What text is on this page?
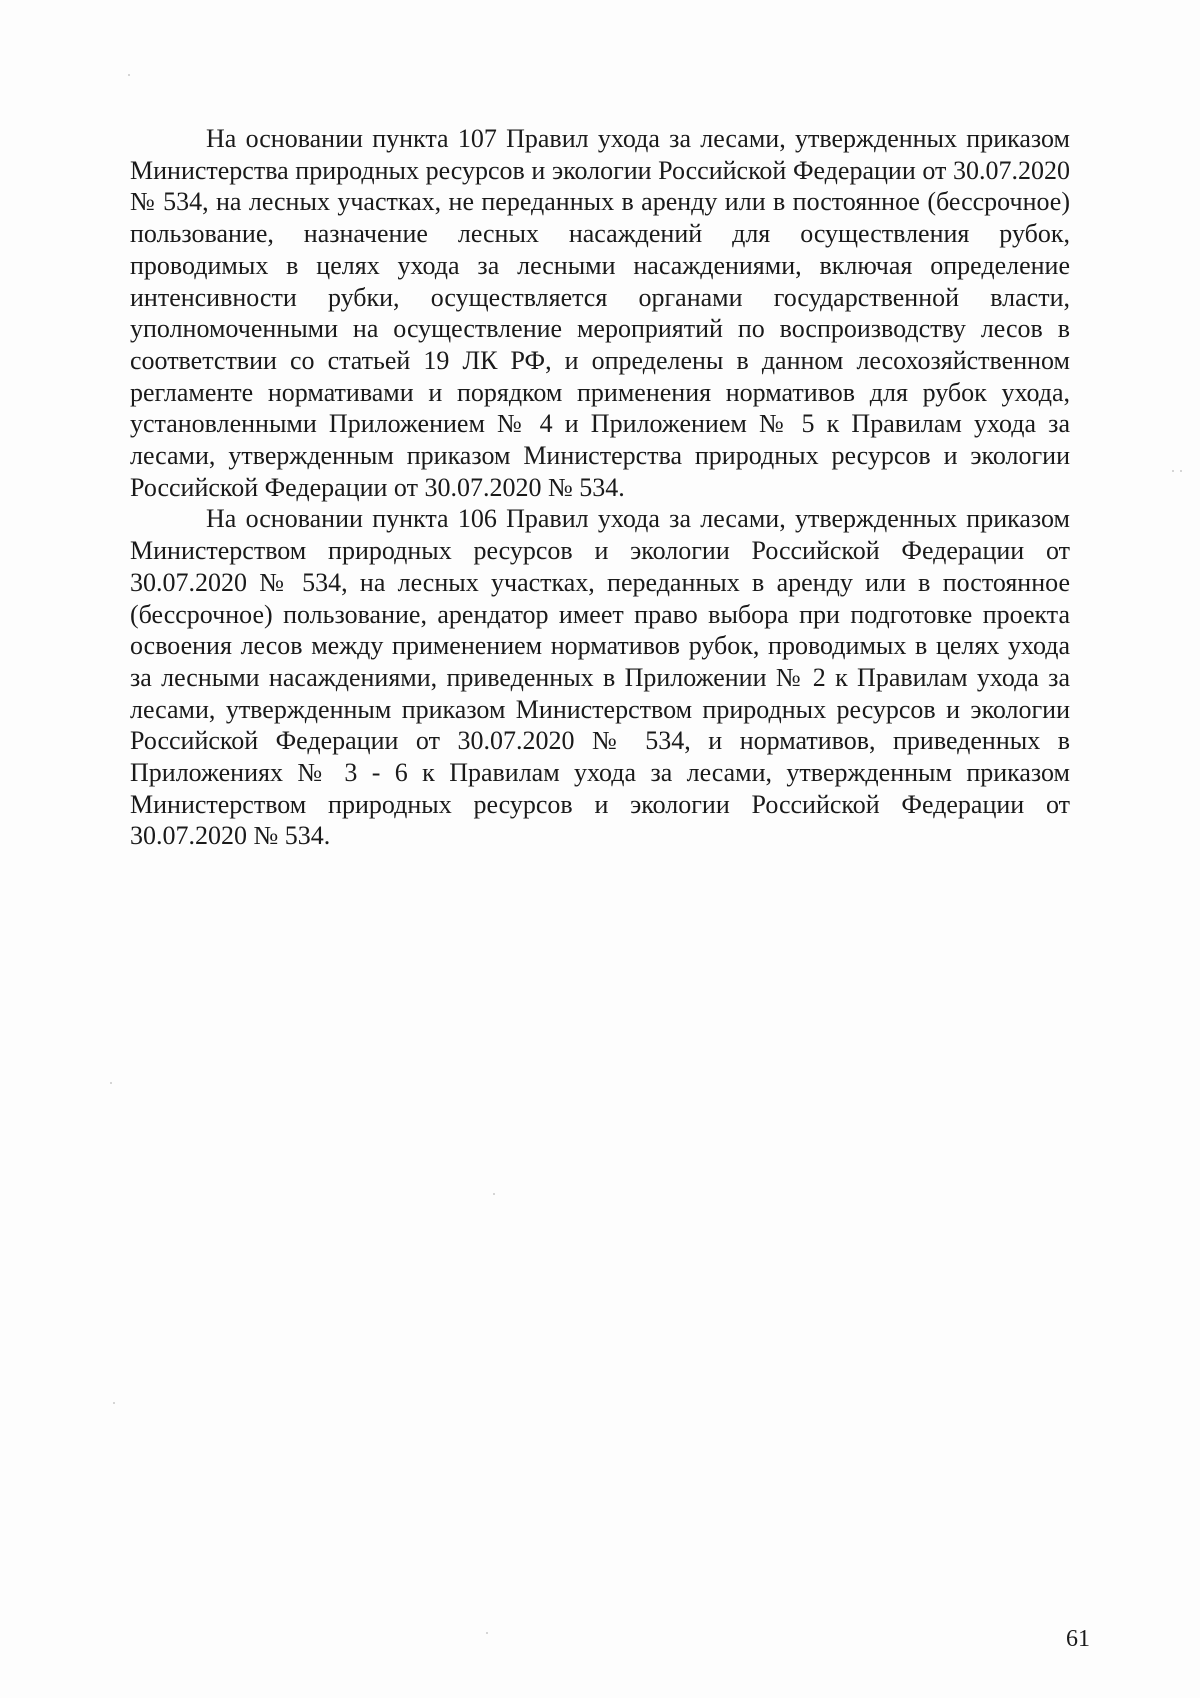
На основании пункта 107 Правил ухода за лесами, утвержденных приказом Министерства природных ресурсов и экологии Российской Федерации от 30.07.2020 № 534, на лесных участках, не переданных в аренду или в постоянное (бессрочное) пользование, назначение лесных насаждений для осуществления рубок, проводимых в целях ухода за лесными насаждениями, включая определение интенсивности рубки, осуществляется органами государственной власти, уполномоченными на осуществление мероприятий по воспроизводству лесов в соответствии со статьей 19 ЛК РФ, и определены в данном лесохозяйственном регламенте нормативами и порядком применения нормативов для рубок ухода, установленными Приложением № 4 и Приложением № 5 к Правилам ухода за лесами, утвержденным приказом Министерства природных ресурсов и экологии Российской Федерации от 30.07.2020 № 534.

На основании пункта 106 Правил ухода за лесами, утвержденных приказом Министерством природных ресурсов и экологии Российской Федерации от 30.07.2020 № 534, на лесных участках, переданных в аренду или в постоянное (бессрочное) пользование, арендатор имеет право выбора при подготовке проекта освоения лесов между применением нормативов рубок, проводимых в целях ухода за лесными насаждениями, приведенных в Приложении № 2 к Правилам ухода за лесами, утвержденным приказом Министерством природных ресурсов и экологии Российской Федерации от 30.07.2020 № 534, и нормативов, приведенных в Приложениях № 3 - 6 к Правилам ухода за лесами, утвержденным приказом Министерством природных ресурсов и экологии Российской Федерации от 30.07.2020 № 534.

61
